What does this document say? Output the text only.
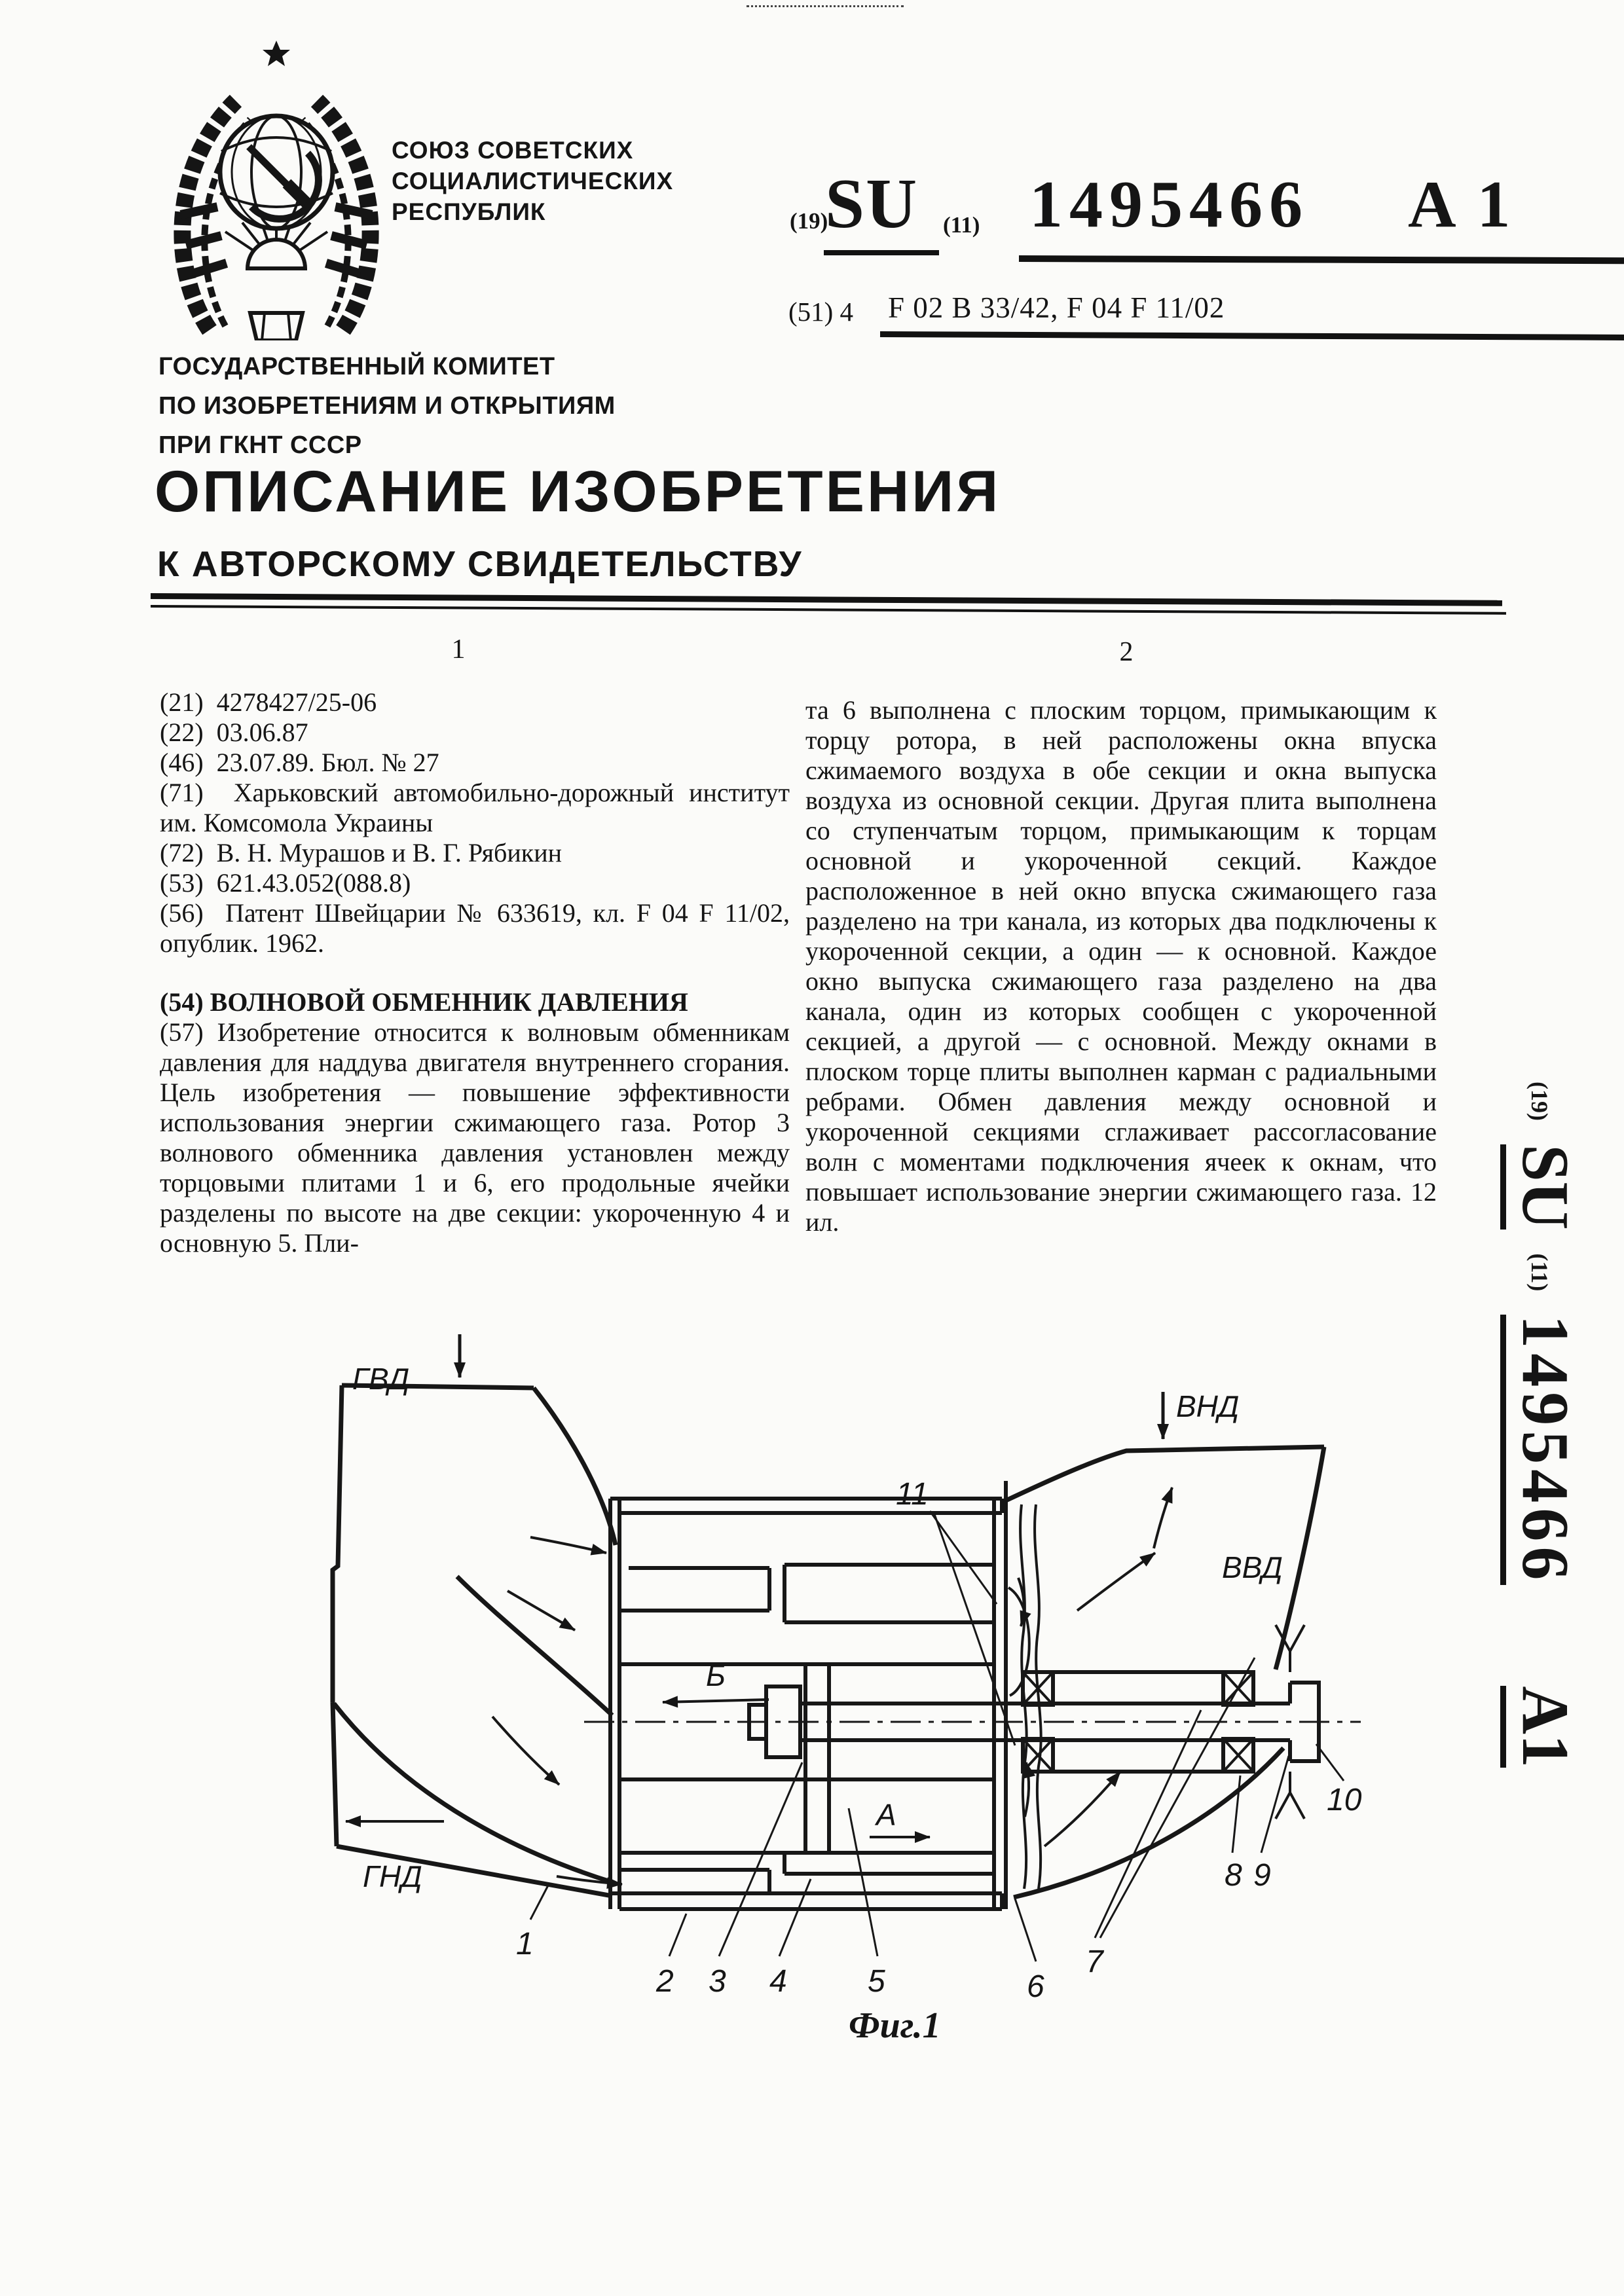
СОЮЗ СОВЕТСКИХ
СОЦИАЛИСТИЧЕСКИХ
РЕСПУБЛИК	(19)
SU (11) 1495466 A 1
(51) 4 F 02 B 33/42, F 04 F 11/02
ГОСУДАРСТВЕННЫЙ КОМИТЕТ
ПО ИЗОБРЕТЕНИЯМ И ОТКРЫТИЯМ
ПРИ ГКНТ СССР
ОПИСАНИЕ ИЗОБРЕТЕНИЯ
К АВТОРСКОМУ СВИДЕТЕЛЬСТВУ
1	2

(21) 4278427/25-06

(22) 03.06.87

(46) 23.07.89. Бюл. № 27

(71) Харьковский автомобильно-дорожный институт им. Комсомола Украины

(72) В. Н. Мурашов и В. Г. Рябикин

(53) 621.43.052(088.8)

(56) Патент Швейцарии № 633619, кл. F 04 F 11/02, опублик. 1962.

(54) ВОЛНОВОЙ ОБМЕННИК ДАВЛЕНИЯ

(57) Изобретение относится к волновым обменникам давления для наддува двигателя внутреннего сгорания. Цель изобретения — повышение эффективности использования энергии сжимающего газа. Ротор 3 волнового обменника давления установлен между торцовыми плитами 1 и 6, его продольные ячейки разделены по высоте на две секции: укороченную 4 и основную 5. Пли-

та 6 выполнена с плоским торцом, примыкающим к торцу ротора, в ней расположены окна впуска сжимаемого воздуха в обе секции и окна выпуска воздуха из основной секции. Другая плита выполнена со ступенчатым торцом, примыкающим к торцам основной и укороченной секций. Каждое расположенное в ней окно впуска сжимающего газа разделено на три канала, из которых два подключены к укороченной секции, а один — к основной. Каждое окно выпуска сжимающего газа разделено на два канала, один из которых сообщен с укороченной секцией, а другой — с основной. Между окнами в плоском торце плиты выполнен карман с радиальными ребрами. Обмен давления между основной и укороченной секциями сглаживает рассогласование волн с моментами подключения ячеек к окнам, что повышает использование энергии сжимающего газа. 12 ил.

ГВД
ВНД
ВВД
ГНД
Б
А
1
2 3 4	5	6
7
8 9
10
11
Фиг.1
(19)
SU
(11)
1495466
A1
